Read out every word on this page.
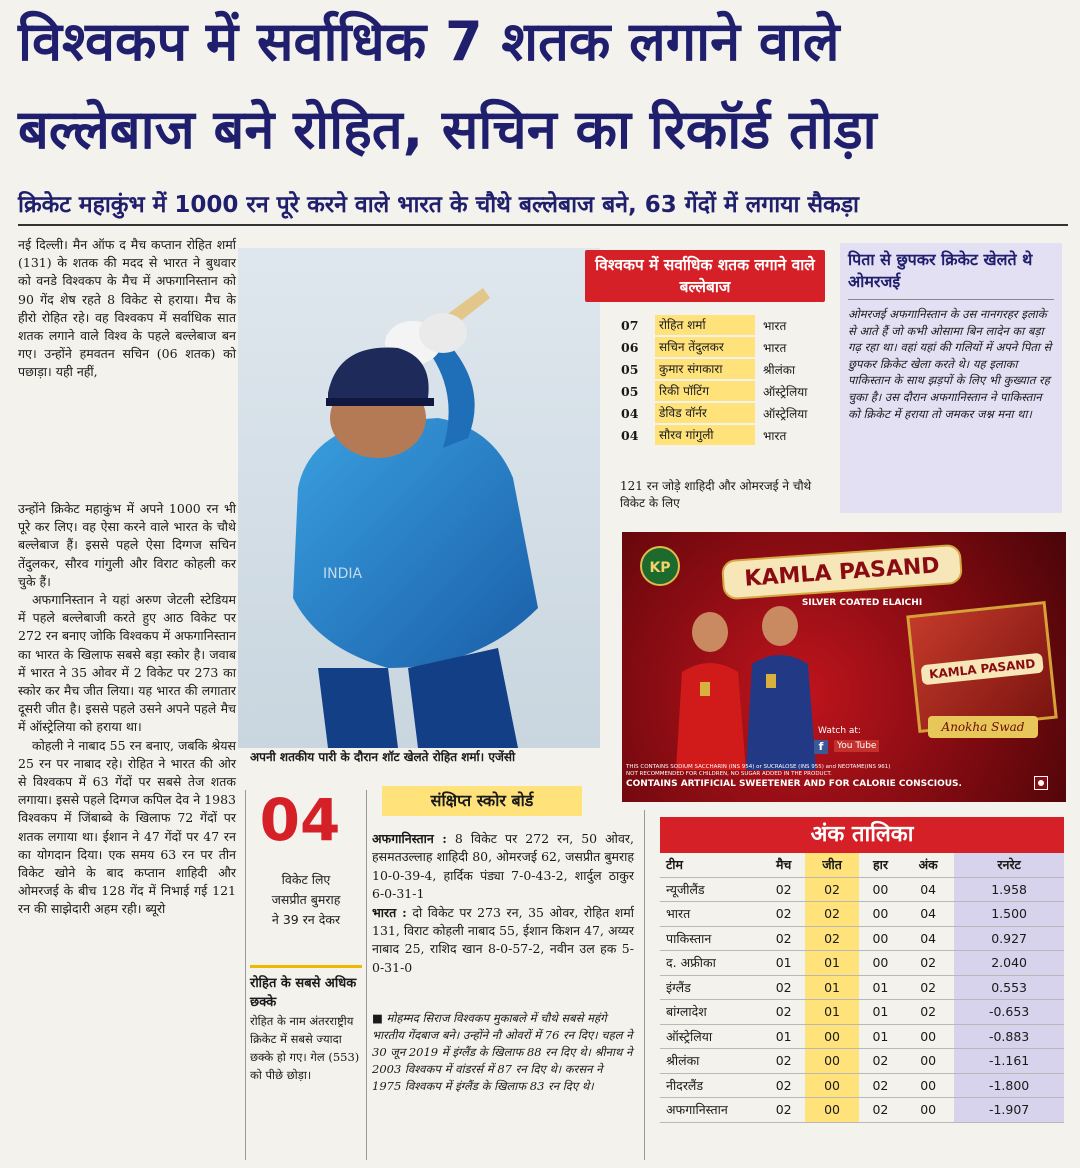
विश्वकप में सर्वाधिक 7 शतक लगाने वाले
बल्लेबाज बने रोहित, सचिन का रिकॉर्ड तोड़ा
क्रिकेट महाकुंभ में 1000 रन पूरे करने वाले भारत के चौथे बल्लेबाज बने, 63 गेंदों में लगाया सैकड़ा

नई दिल्ली। मैन ऑफ द मैच कप्तान रोहित शर्मा (131) के शतक की मदद से भारत ने बुधवार को वनडे विश्वकप के मैच में अफगानिस्तान को 90 गेंद शेष रहते 8 विकेट से हराया। मैच के हीरो रोहित रहे। वह विश्वकप में सर्वाधिक सात शतक लगाने वाले विश्व के पहले बल्लेबाज बन गए। उन्होंने हमवतन सचिन (06 शतक) को पछाड़ा। यही नहीं,

उन्होंने क्रिकेट महाकुंभ में अपने 1000 रन भी पूरे कर लिए। वह ऐसा करने वाले भारत के चौथे बल्लेबाज हैं। इससे पहले ऐसा दिग्गज सचिन तेंदुलकर, सौरव गांगुली और विराट कोहली कर चुके हैं।

अफगानिस्तान ने यहां अरुण जेटली स्टेडियम में पहले बल्लेबाजी करते हुए आठ विकेट पर 272 रन बनाए जोकि विश्वकप में अफगानिस्तान का भारत के खिलाफ सबसे बड़ा स्कोर है। जवाब में भारत ने 35 ओवर में 2 विकेट पर 273 का स्कोर कर मैच जीत लिया। यह भारत की लगातार दूसरी जीत है। इससे पहले उसने अपने पहले मैच में ऑस्ट्रेलिया को हराया था।

कोहली ने नाबाद 55 रन बनाए, जबकि श्रेयस 25 रन पर नाबाद रहे। रोहित ने भारत की ओर से विश्वकप में 63 गेंदों पर सबसे तेज शतक लगाया। इससे पहले दिग्गज कपिल देव ने 1983 विश्वकप में जिंबाब्वे के खिलाफ 72 गेंदों पर शतक लगाया था। ईशान ने 47 गेंदों पर 47 रन का योगदान दिया। एक समय 63 रन पर तीन विकेट खोने के बाद कप्तान शाहिदी और ओमरजई के बीच 128 गेंद में निभाई गई 121 रन की साझेदारी अहम रही। ब्यूरो

INDIA
अपनी शतकीय पारी के दौरान शॉट खेलते रोहित शर्मा। एजेंसी
विश्वकप में सर्वाधिक शतक लगाने वाले बल्लेबाज
07	रोहित शर्मा	भारत
06	सचिन तेंदुलकर	भारत
05	कुमार संगकारा	श्रीलंका
05	रिकी पॉटिंग	ऑस्ट्रेलिया
04	डेविड वॉर्नर	ऑस्ट्रेलिया
04	सौरव गांगुली	भारत
121 रन जोड़े शाहिदी और ओमरजई ने चौथे विकेट के लिए
पिता से छुपकर क्रिकेट खेलते थे ओमरजई
ओमरजई अफगानिस्तान के उस नानगरहर इलाके से आते हैं जो कभी ओसामा बिन लादेन का बड़ा गढ़ रहा था। वहां यहां की गलियों में अपने पिता से छुपकर क्रिकेट खेला करते थे। यह इलाका पाकिस्तान के साथ झड़पों के लिए भी कुख्यात रह चुका है। उस दौरान अफगानिस्तान ने पाकिस्तान को क्रिकेट में हराया तो जमकर जश्न मना था।
KP	KAMLA PASAND
SILVER COATED ELAICHI
KAMLA PASAND
Anokha Swad
Watch at:
f	You Tube
THIS CONTAINS SODIUM SACCHARIN (INS 954) or SUCRALOSE (INS 955) and NEOTAME(INS 961)
NOT RECOMMENDED FOR CHILDREN, NO SUGAR ADDED IN THE PRODUCT.
CONTAINS ARTIFICIAL SWEETENER AND FOR CALORIE CONSCIOUS.
04
विकेट लिए
जसप्रीत बुमराह
ने 39 रन देकर
रोहित के सबसे अधिक छक्के
रोहित के नाम अंतरराष्ट्रीय क्रिकेट में सबसे ज्यादा छक्के हो गए। गेल (553) को पीछे छोड़ा।
संक्षिप्त स्कोर बोर्ड
अफगानिस्तान : 8 विकेट पर 272 रन, 50 ओवर, हसमतउल्लाह शाहिदी 80, ओमरजई 62, जसप्रीत बुमराह 10-0-39-4, हार्दिक पंड्या 7-0-43-2, शार्दुल ठाकुर 6-0-31-1
भारत : दो विकेट पर 273 रन, 35 ओवर, रोहित शर्मा 131, विराट कोहली नाबाद 55, ईशान किशन 47, अय्यर नाबाद 25, राशिद खान 8-0-57-2, नवीन उल हक 5-0-31-0
■ मोहम्मद सिराज विश्वकप मुकाबले में चौथे सबसे महंगे भारतीय गेंदबाज बने। उन्होंने नौ ओवरों में 76 रन दिए। चहल ने 30 जून 2019 में इंग्लैंड के खिलाफ 88 रन दिए थे। श्रीनाथ ने 2003 विश्वकप में वांडरर्स में 87 रन दिए थे। करसन ने 1975 विश्वकप में इंग्लैंड के खिलाफ 83 रन दिए थे।
अंक तालिका
टीम	मैच	जीत	हार	अंक	रनरेट
न्यूजीलैंड	02	02	00	04	1.958
भारत	02	02	00	04	1.500
पाकिस्तान	02	02	00	04	0.927
द. अफ्रीका	01	01	00	02	2.040
इंग्लैंड	02	01	01	02	0.553
बांग्लादेश	02	01	01	02	-0.653
ऑस्ट्रेलिया	01	00	01	00	-0.883
श्रीलंका	02	00	02	00	-1.161
नीदरलैंड	02	00	02	00	-1.800
अफगानिस्तान	02	00	02	00	-1.907
